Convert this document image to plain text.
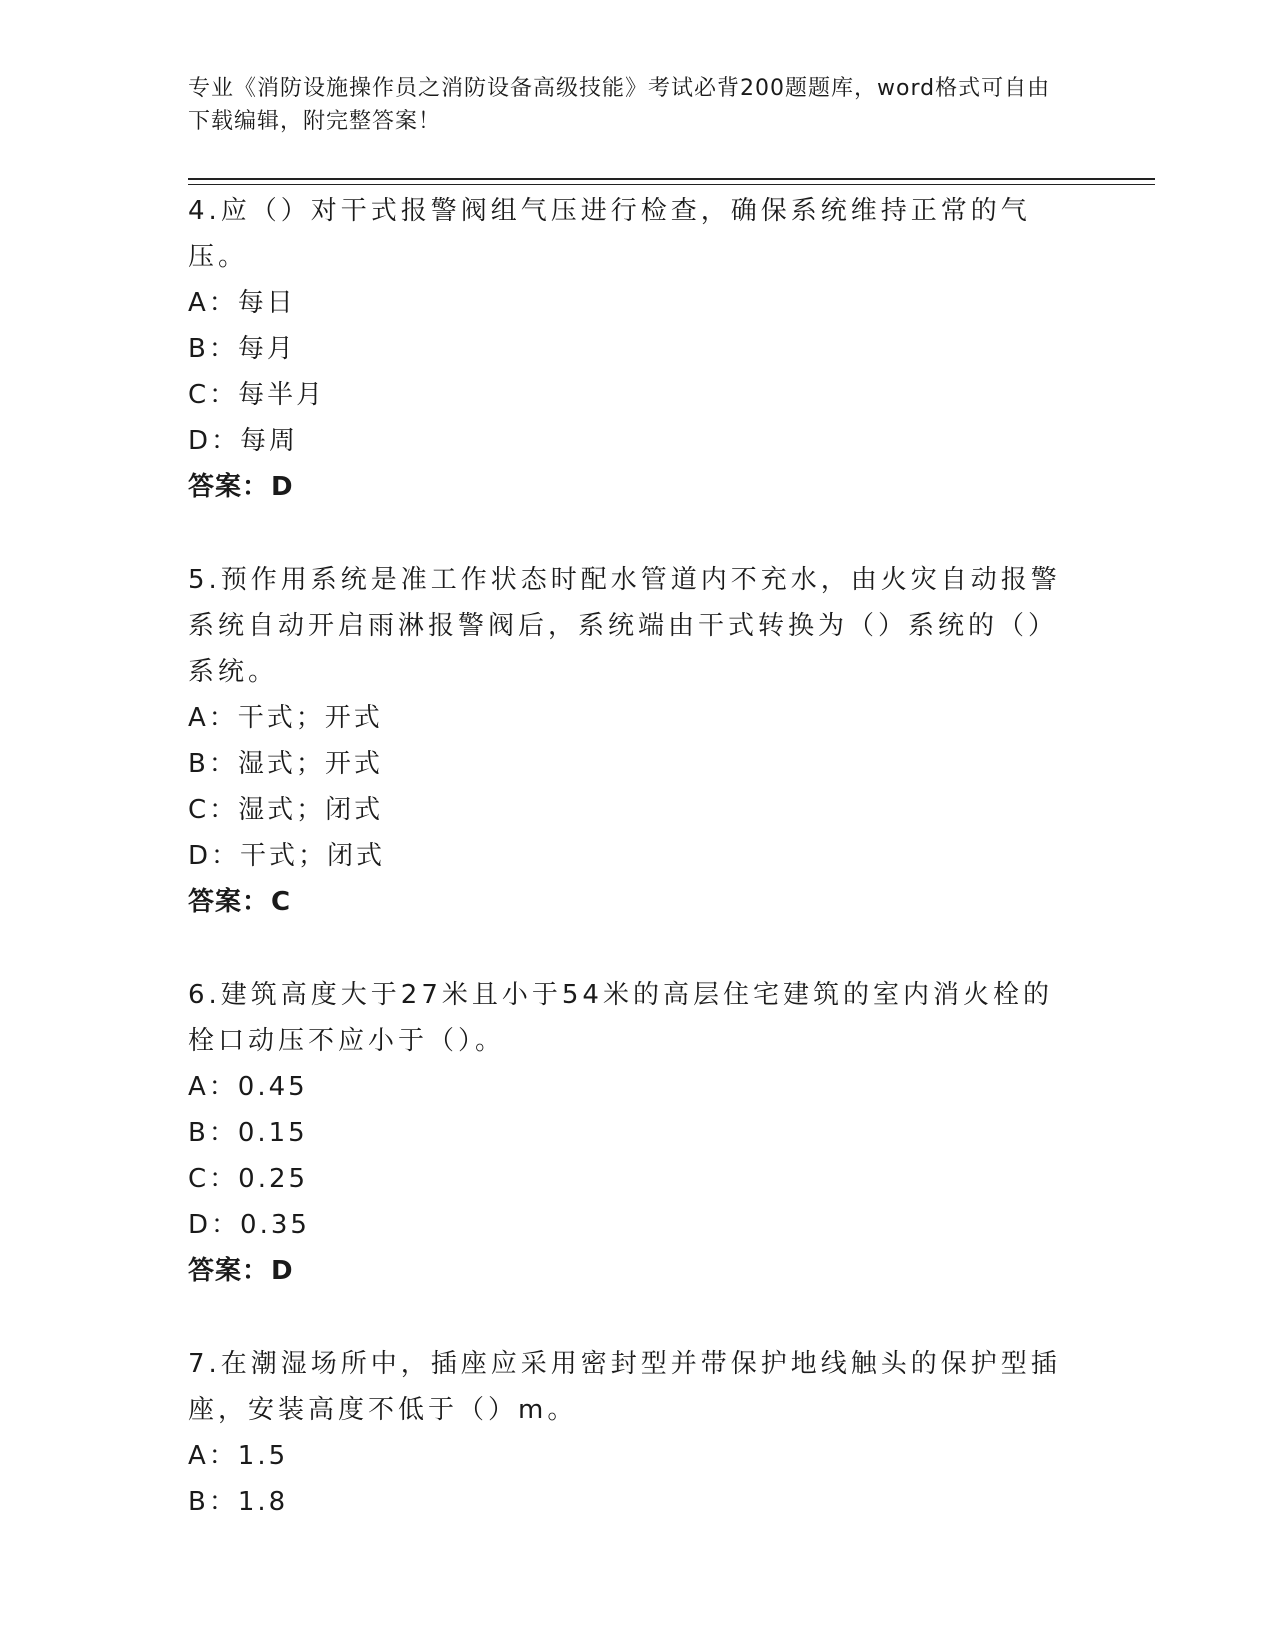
专业《消防设施操作员之消防设备高级技能》考试必背200题题库，word格式可自由下载编辑，附完整答案！
4.应（）对干式报警阀组气压进行检查，确保系统维持正常的气压。
A：每日
B：每月
C：每半月
D：每周
答案：D
5.预作用系统是准工作状态时配水管道内不充水，由火灾自动报警系统自动开启雨淋报警阀后，系统端由干式转换为（）系统的（）系统。
A：干式；开式
B：湿式；开式
C：湿式；闭式
D：干式；闭式
答案：C
6.建筑高度大于27米且小于54米的高层住宅建筑的室内消火栓的栓口动压不应小于（）。
A：0.45
B：0.15
C：0.25
D：0.35
答案：D
7.在潮湿场所中，插座应采用密封型并带保护地线触头的保护型插座，安装高度不低于（）m。
A：1.5
B：1.8
